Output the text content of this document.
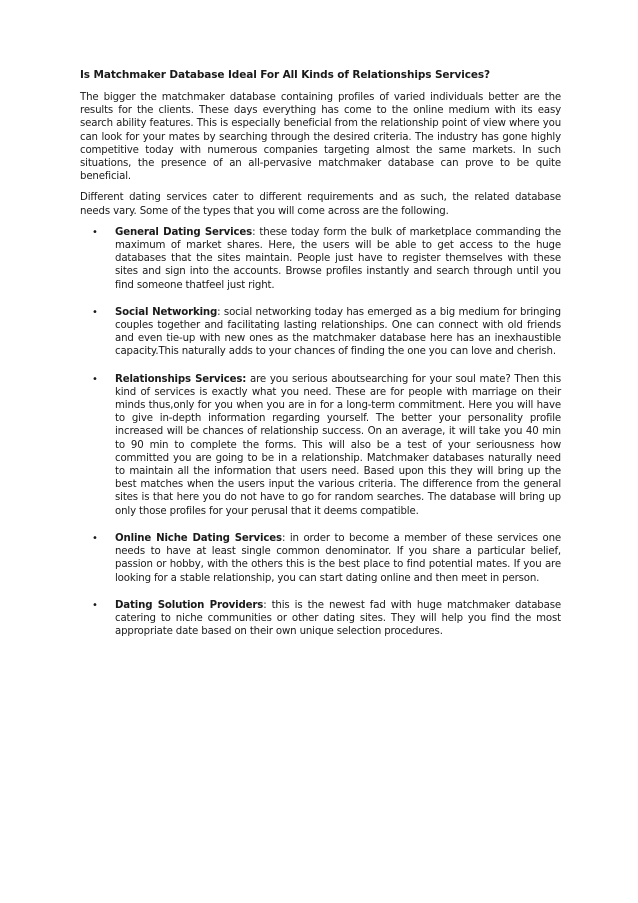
Is Matchmaker Database Ideal For All Kinds of Relationships Services?

The bigger the matchmaker database containing profiles of varied individuals better are the results for the clients. These days everything has come to the online medium with its easy search ability features. This is especially beneficial from the relationship point of view where you can look for your mates by searching through the desired criteria. The industry has gone highly competitive today with numerous companies targeting almost the same markets. In such situations, the presence of an all-pervasive matchmaker database can prove to be quite beneficial.

Different dating services cater to different requirements and as such, the related database needs vary. Some of the types that you will come across are the following.

• General Dating Services: these today form the bulk of marketplace commanding the maximum of market shares. Here, the users will be able to get access to the huge databases that the sites maintain. People just have to register themselves with these sites and sign into the accounts. Browse profiles instantly and search through until you find someone thatfeel just right.
• Social Networking: social networking today has emerged as a big medium for bringing couples together and facilitating lasting relationships. One can connect with old friends and even tie-up with new ones as the matchmaker database here has an inexhaustible capacity.This naturally adds to your chances of finding the one you can love and cherish.
• Relationships Services: are you serious aboutsearching for your soul mate? Then this kind of services is exactly what you need. These are for people with marriage on their minds thus,only for you when you are in for a long-term commitment. Here you will have to give in-depth information regarding yourself. The better your personality profile increased will be chances of relationship success. On an average, it will take you 40 min to 90 min to complete the forms. This will also be a test of your seriousness how committed you are going to be in a relationship. Matchmaker databases naturally need to maintain all the information that users need. Based upon this they will bring up the best matches when the users input the various criteria. The difference from the general sites is that here you do not have to go for random searches. The database will bring up only those profiles for your perusal that it deems compatible.
• Online Niche Dating Services: in order to become a member of these services one needs to have at least single common denominator. If you share a particular belief, passion or hobby, with the others this is the best place to find potential mates. If you are looking for a stable relationship, you can start dating online and then meet in person.
• Dating Solution Providers: this is the newest fad with huge matchmaker database catering to niche communities or other dating sites. They will help you find the most appropriate date based on their own unique selection procedures.
